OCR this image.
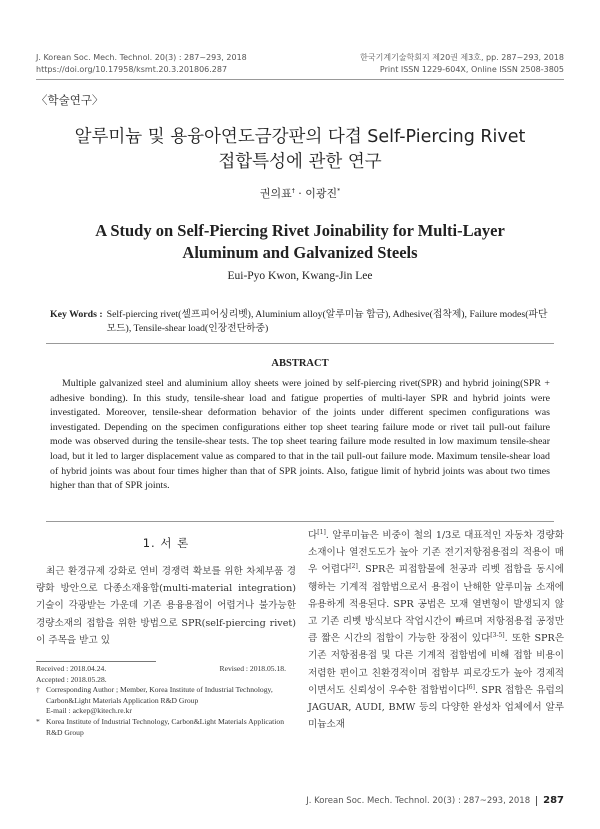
J. Korean Soc. Mech. Technol. 20(3) : 287~293, 2018
https://doi.org/10.17958/ksmt.20.3.201806.287
한국기계기술학회지 제20권 제3호, pp. 287~293, 2018
Print ISSN 1229-604X, Online ISSN 2508-3805
〈학술연구〉
알루미늄 및 용융아연도금강판의 다겹 Self-Piercing Rivet
접합특성에 관한 연구
권의표† · 이광진*
A Study on Self-Piercing Rivet Joinability for Multi-Layer
Aluminum and Galvanized Steels
Eui-Pyo Kwon, Kwang-Jin Lee
Key Words : Self-piercing rivet(셀프피어싱리벳), Aluminium alloy(알루미늄 합금), Adhesive(접착제), Failure modes(파단모드), Tensile-shear load(인장전단하중)
ABSTRACT

Multiple galvanized steel and aluminium alloy sheets were joined by self-piercing rivet(SPR) and hybrid joining(SPR + adhesive bonding). In this study, tensile-shear load and fatigue properties of multi-layer SPR and hybrid joints were investigated. Moreover, tensile-shear deformation behavior of the joints under different specimen configurations was investigated. Depending on the specimen configurations either top sheet tearing failure mode or rivet tail pull-out failure mode was observed during the tensile-shear tests. The top sheet tearing failure mode resulted in low maximum tensile-shear load, but it led to larger displacement value as compared to that in the tail pull-out failure mode. Maximum tensile-shear load of hybrid joints was about four times higher than that of SPR joints. Also, fatigue limit of hybrid joints was about two times higher than that of SPR joints.

1. 서 론

최근 환경규제 강화로 연비 경쟁력 확보를 위한 차체부품 경량화 방안으로 다종소재융합(multi-material integration) 기술이 각광받는 가운데 기존 용융용접이 어렵거나 불가능한 경량소재의 접합을 위한 방법으로 SPR(self-piercing rivet)이 주목을 받고 있

Received : 2018.04.24.	Revised : 2018.05.18.
Accepted : 2018.05.28.
† Corresponding Author ; Member, Korea Institute of Industrial Technology, Carbon&Light Materials Application R&D Group
E-mail : ackep@kitech.re.kr
* Korea Institute of Industrial Technology, Carbon&Light Materials Application R&D Group

다[1]. 알루미늄은 비중이 철의 1/3로 대표적인 자동차 경량화 소재이나 열전도도가 높아 기존 전기저항점용접의 적용이 매우 어렵다[2]. SPR은 피접합물에 천공과 리벳 접합을 동시에 행하는 기계적 접합법으로서 용접이 난해한 알루미늄 소재에 유용하게 적용된다. SPR 공법은 모재 열변형이 발생되지 않고 기존 리벳 방식보다 작업시간이 빠르며 저항점용접 공정만큼 짧은 시간의 접합이 가능한 장점이 있다[3-5]. 또한 SPR은 기존 저항점용접 및 다른 기계적 접합법에 비해 접합 비용이 저렴한 편이고 친환경적이며 접합부 피로강도가 높아 경제적이면서도 신뢰성이 우수한 접합법이다[6]. SPR 접합은 유럽의 JAGUAR, AUDI, BMW 등의 다양한 완성차 업체에서 알루미늄소재

J. Korean Soc. Mech. Technol. 20(3) : 287~293, 2018 287
